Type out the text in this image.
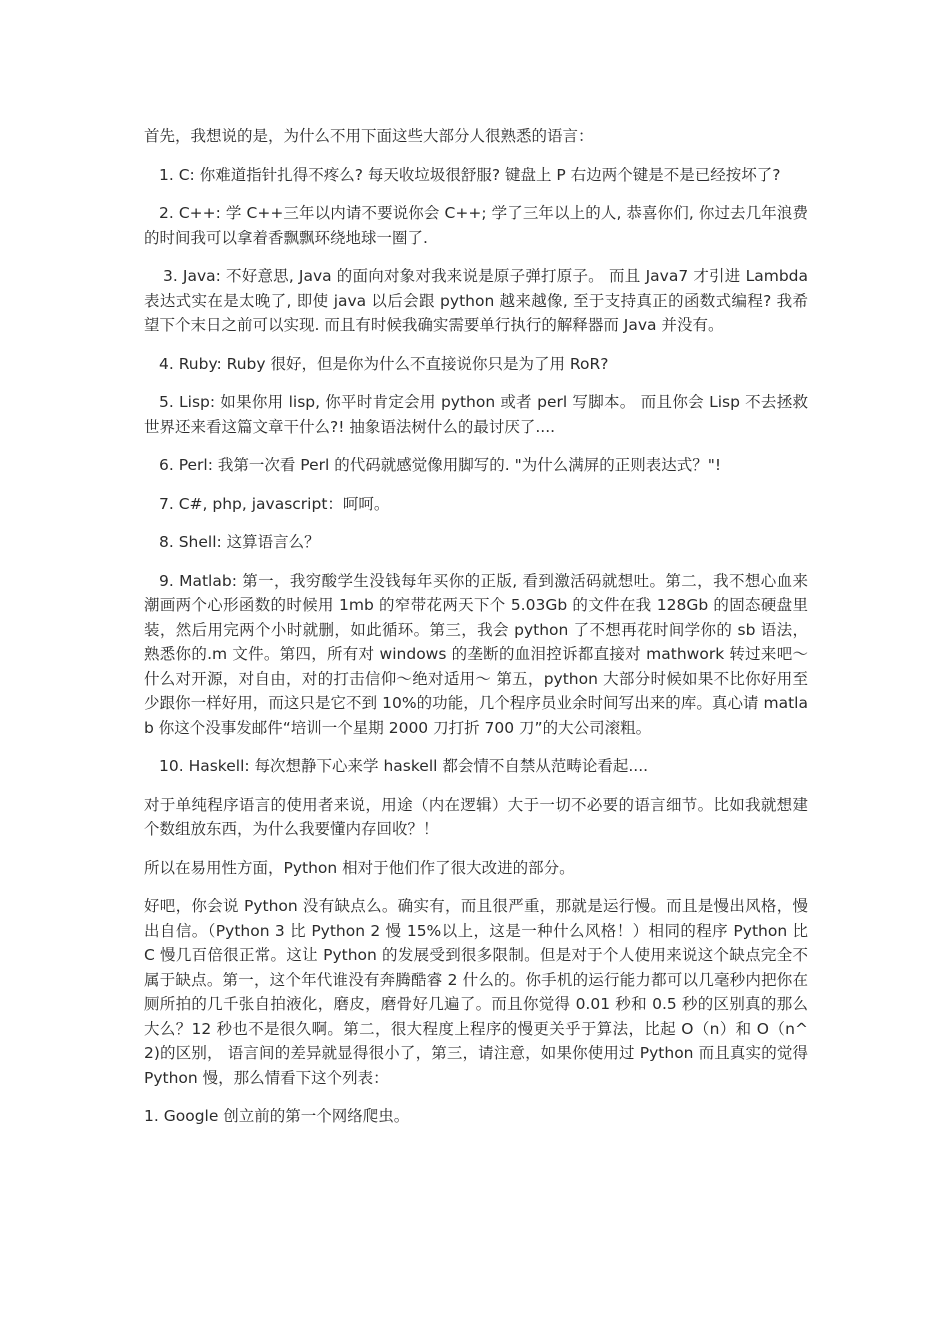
首先，我想说的是，为什么不用下面这些大部分人很熟悉的语言：

1. C: 你难道指针扎得不疼么? 每天收垃圾很舒服? 键盘上 P 右边两个键是不是已经按坏了?

2. C++: 学 C++三年以内请不要说你会 C++; 学了三年以上的人, 恭喜你们, 你过去几年浪费的时间我可以拿着香飘飘环绕地球一圈了.

3. Java: 不好意思, Java 的面向对象对我来说是原子弹打原子。 而且 Java7 才引进 Lambda 表达式实在是太晚了, 即使 java 以后会跟 python 越来越像, 至于支持真正的函数式编程? 我希望下个末日之前可以实现. 而且有时候我确实需要单行执行的解释器而 Java 并没有。

4. Ruby: Ruby 很好，但是你为什么不直接说你只是为了用 RoR?

5. Lisp: 如果你用 lisp, 你平时肯定会用 python 或者 perl 写脚本。 而且你会 Lisp 不去拯救世界还来看这篇文章干什么?! 抽象语法树什么的最讨厌了....

6. Perl: 我第一次看 Perl 的代码就感觉像用脚写的. "为什么满屏的正则表达式？"!

7. C#, php, javascript：呵呵。

8. Shell: 这算语言么？

9. Matlab: 第一，我穷酸学生没钱每年买你的正版, 看到激活码就想吐。第二，我不想心血来潮画两个心形函数的时候用 1mb 的窄带花两天下个 5.03Gb 的文件在我 128Gb 的固态硬盘里装，然后用完两个小时就删，如此循环。第三，我会 python 了不想再花时间学你的 sb 语法，熟悉你的.m 文件。第四，所有对 windows 的垄断的血泪控诉都直接对 mathwork 转过来吧～什么对开源，对自由，对的打击信仰～绝对适用～ 第五，python 大部分时候如果不比你好用至少跟你一样好用，而这只是它不到 10%的功能，几个程序员业余时间写出来的库。真心请 matlab 你这个没事发邮件“培训一个星期 2000 刀打折 700 刀”的大公司滚粗。

10. Haskell: 每次想静下心来学 haskell 都会情不自禁从范畴论看起....

对于单纯程序语言的使用者来说，用途（内在逻辑）大于一切不必要的语言细节。比如我就想建个数组放东西，为什么我要懂内存回收？！

所以在易用性方面，Python 相对于他们作了很大改进的部分。

好吧，你会说 Python 没有缺点么。确实有，而且很严重，那就是运行慢。而且是慢出风格，慢出自信。（Python 3 比 Python 2 慢 15%以上，这是一种什么风格！）相同的程序 Python 比 C 慢几百倍很正常。这让 Python 的发展受到很多限制。但是对于个人使用来说这个缺点完全不属于缺点。第一，这个年代谁没有奔腾酷睿 2 什么的。你手机的运行能力都可以几毫秒内把你在厕所拍的几千张自拍液化，磨皮，磨骨好几遍了。而且你觉得 0.01 秒和 0.5 秒的区别真的那么大么？12 秒也不是很久啊。第二，很大程度上程序的慢更关乎于算法，比起 O（n）和 O（n^2)的区别， 语言间的差异就显得很小了，第三，请注意，如果你使用过 Python 而且真实的觉得 Python 慢，那么情看下这个列表：

1. Google 创立前的第一个网络爬虫。
